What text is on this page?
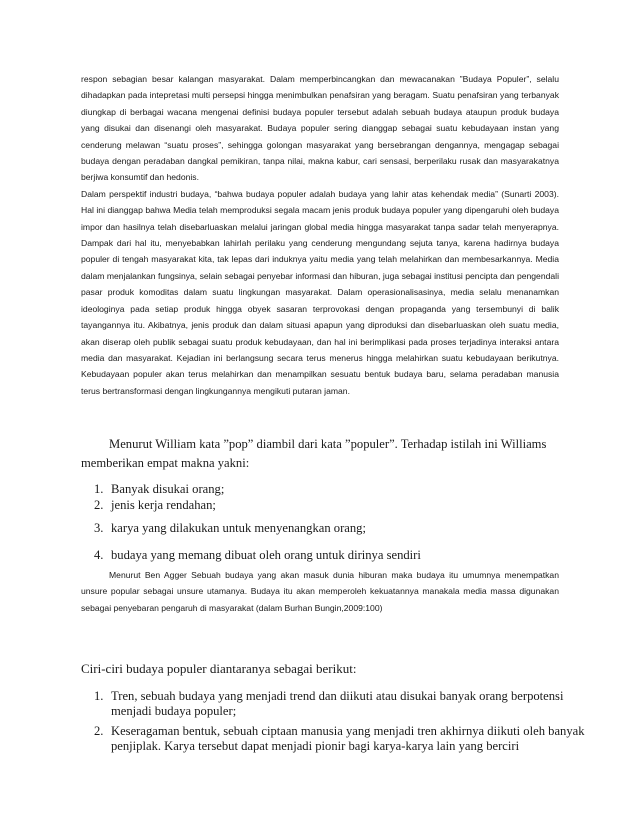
respon sebagian besar kalangan masyarakat. Dalam memperbincangkan dan mewacanakan ”Budaya Populer”, selalu dihadapkan pada intepretasi multi persepsi hingga menimbulkan penafsiran yang beragam. Suatu penafsiran yang terbanyak diungkap di berbagai wacana mengenai definisi budaya populer tersebut adalah sebuah budaya ataupun produk budaya yang disukai dan disenangi oleh masyarakat. Budaya populer sering dianggap sebagai suatu kebudayaan instan yang cenderung melawan “suatu proses”, sehingga golongan masyarakat yang bersebrangan dengannya, mengagap sebagai budaya dengan peradaban dangkal pemikiran, tanpa nilai, makna kabur, cari sensasi, berperilaku rusak dan masyarakatnya berjiwa konsumtif dan hedonis.

Dalam perspektif industri budaya, “bahwa budaya populer adalah budaya yang lahir atas kehendak media” (Sunarti 2003). Hal ini dianggap bahwa Media telah memproduksi segala macam jenis produk budaya populer yang dipengaruhi oleh budaya impor dan hasilnya telah disebarluaskan melalui jaringan global media hingga masyarakat tanpa sadar telah menyerapnya. Dampak dari hal itu, menyebabkan lahirlah perilaku yang cenderung mengundang sejuta tanya, karena hadirnya budaya populer di tengah masyarakat kita, tak lepas dari induknya yaitu media yang telah melahirkan dan membesarkannya. Media dalam menjalankan fungsinya, selain sebagai penyebar informasi dan hiburan, juga sebagai institusi pencipta dan pengendali pasar produk komoditas dalam suatu lingkungan masyarakat. Dalam operasionalisasinya, media selalu menanamkan ideologinya pada setiap produk hingga obyek sasaran terprovokasi dengan propaganda yang tersembunyi di balik tayangannya itu. Akibatnya, jenis produk dan dalam situasi apapun yang diproduksi dan disebarluaskan oleh suatu media, akan diserap oleh publik sebagai suatu produk kebudayaan, dan hal ini berimplikasi pada proses terjadinya interaksi antara media dan masyarakat. Kejadian ini berlangsung secara terus menerus hingga melahirkan suatu kebudayaan berikutnya. Kebudayaan populer akan terus melahirkan dan menampilkan sesuatu bentuk budaya baru, selama peradaban manusia terus bertransformasi dengan lingkungannya mengikuti putaran jaman.

Menurut William kata ”pop” diambil dari kata ”populer”. Terhadap istilah ini Williams memberikan empat makna yakni:
1. Banyak disukai orang;
2. jenis kerja rendahan;
3. karya yang dilakukan untuk menyenangkan orang;
4. budaya yang memang dibuat oleh orang untuk dirinya sendiri
Menurut Ben Agger Sebuah budaya yang akan masuk dunia hiburan maka budaya itu umumnya menempatkan unsure popular sebagai unsure utamanya. Budaya itu akan memperoleh kekuatannya manakala media massa digunakan sebagai penyebaran pengaruh di masyarakat (dalam Burhan Bungin,2009:100)
Ciri-ciri budaya populer diantaranya sebagai berikut:
1. Tren, sebuah budaya yang menjadi trend dan diikuti atau disukai banyak orang berpotensi menjadi budaya populer;
2. Keseragaman bentuk, sebuah ciptaan manusia yang menjadi tren akhirnya diikuti oleh banyak penjiplak. Karya tersebut dapat menjadi pionir bagi karya-karya lain yang berciri
